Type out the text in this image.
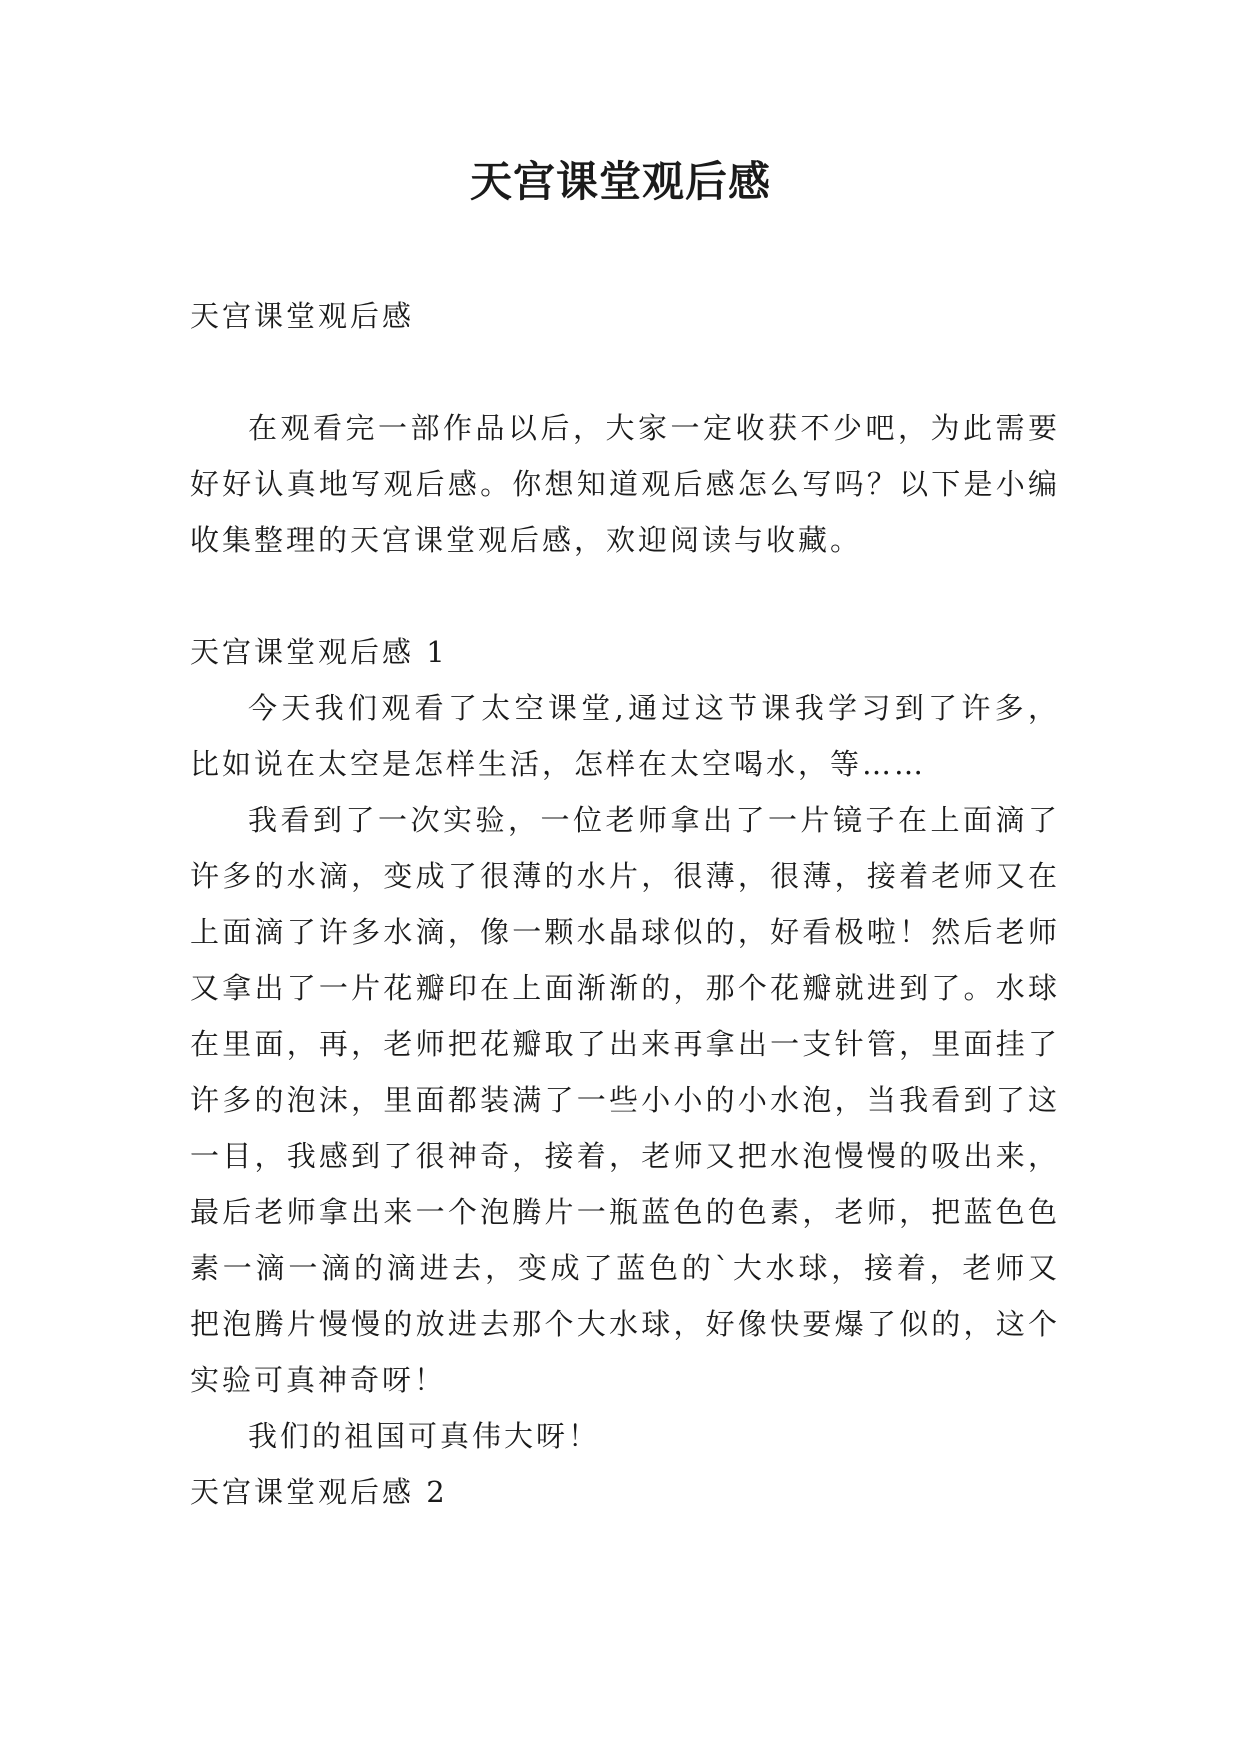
天宫课堂观后感

天宫课堂观后感

在观看完一部作品以后，大家一定收获不少吧，为此需要好好认真地写观后感。你想知道观后感怎么写吗？以下是小编收集整理的天宫课堂观后感，欢迎阅读与收藏。

天宫课堂观后感 1

今天我们观看了太空课堂,通过这节课我学习到了许多，比如说在太空是怎样生活，怎样在太空喝水，等……

我看到了一次实验，一位老师拿出了一片镜子在上面滴了许多的水滴，变成了很薄的水片，很薄，很薄，接着老师又在上面滴了许多水滴，像一颗水晶球似的，好看极啦！然后老师又拿出了一片花瓣印在上面渐渐的，那个花瓣就进到了。水球在里面，再，老师把花瓣取了出来再拿出一支针管，里面挂了许多的泡沫，里面都装满了一些小小的小水泡，当我看到了这一目，我感到了很神奇，接着，老师又把水泡慢慢的吸出来，最后老师拿出来一个泡腾片一瓶蓝色的色素，老师，把蓝色色素一滴一滴的滴进去，变成了蓝色的`大水球，接着，老师又把泡腾片慢慢的放进去那个大水球，好像快要爆了似的，这个实验可真神奇呀！

我们的祖国可真伟大呀！

天宫课堂观后感 2
